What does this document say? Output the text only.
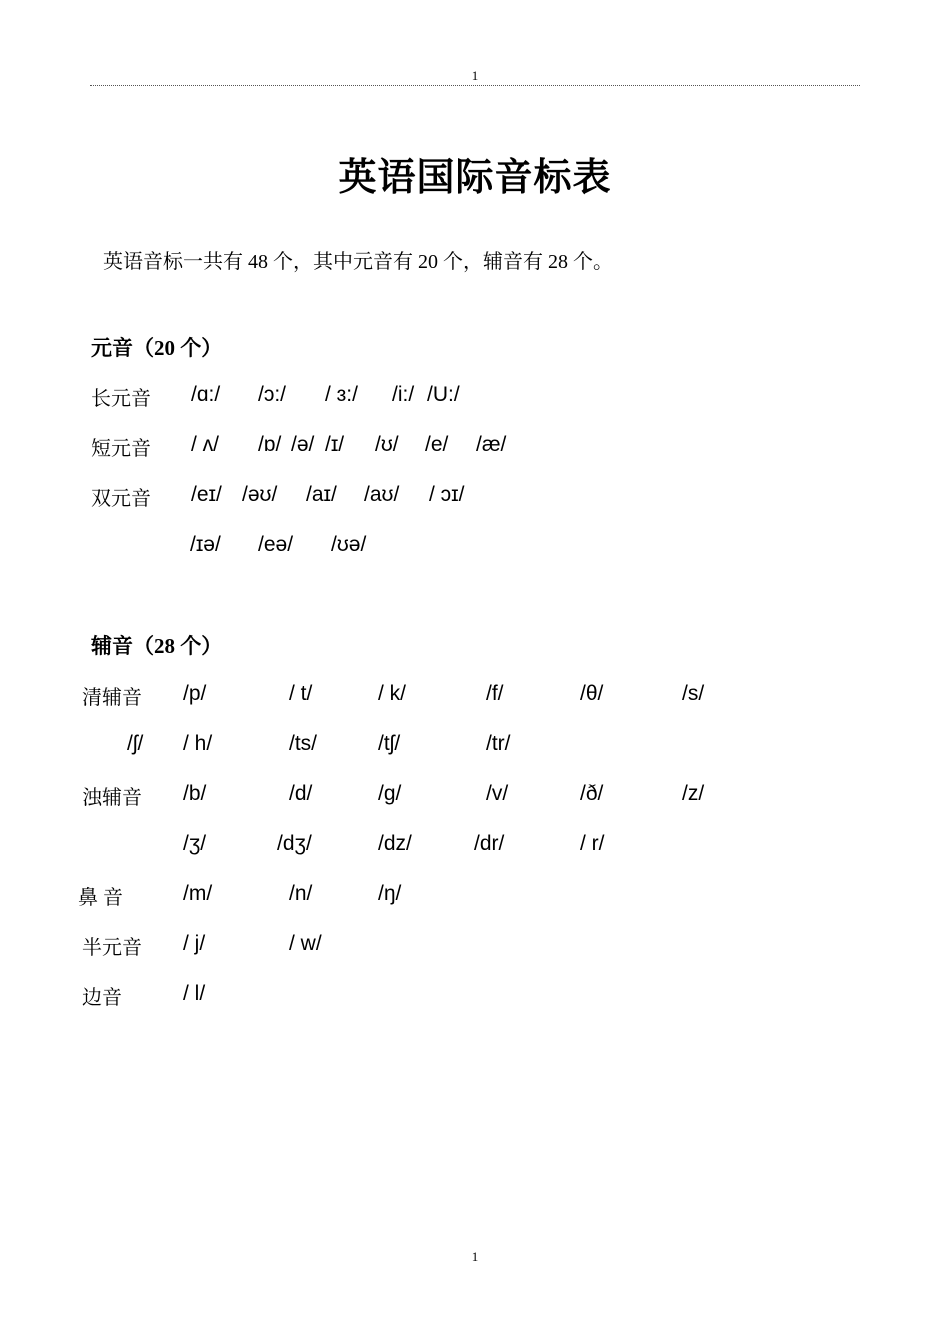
1
英语国际音标表
英语音标一共有 48 个，其中元音有 20 个，辅音有 28 个。
元音（20 个）
长元音 /ɑ:/ /ɔ:/ / ɜ:/ /i:/ /U:/
短元音 / ʌ/ /ɒ/ /ə/ /ɪ/ /ʊ/ /e/ /æ/
双元音 /eɪ/ /əʊ/ /aɪ/ /aʊ/ / ɔɪ/
/ɪə/ /eə/ /ʊə/
辅音（28 个）
清辅音 /p/	/ t/	/ k/	/f/	/θ/	/s/
/ʃ/ / h/	/ts/	/tʃ/	/tr/
浊辅音 /b/	/d/	/g/	/v/	/ð/	/z/
/ʒ/	/dʒ/	/dz/	/dr/	/ r/
鼻 音	/m/	/n/	/ŋ/
半元音 / j/	/ w/
边音	/ l/
1
